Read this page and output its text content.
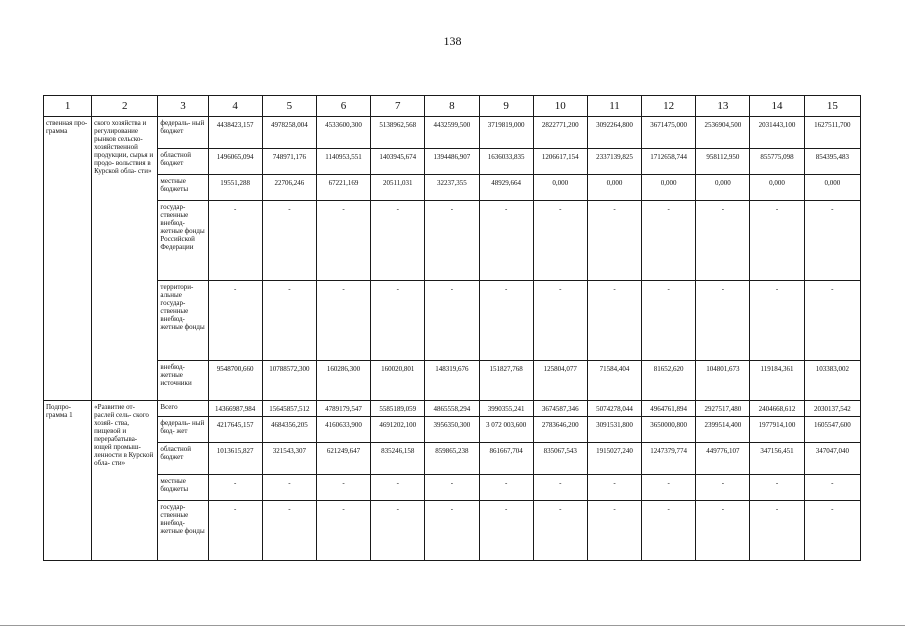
138
1	2	3	4	5	6	7	8	9	10	11	12	13	14	15
ственная про- грамма	ского хозяйства и регулирование рынков сельско- хозяйственной продукции, сырья и продо- вольствия в Курской обла- сти»	федераль- ный бюджет	4438423,157	4978258,004	4533600,300	5138962,568	4432599,500	3719819,000	2822771,200	3092264,800	3671475,000	2536904,500	2031443,100	1627511,700
		областной бюджет	1496065,094	748971,176	1140953,551	1403945,674	1394486,907	1636033,835	1206617,154	2337139,825	1712658,744	958112,950	855775,098	854395,483
		местные бюджеты	19551,288	22706,246	67221,169	20511,031	32237,355	48929,664	0,000	0,000	0,000	0,000	0,000	0,000
		государ- ственные внебюд- жетные фонды Российской Федерации	-	-	-	-	-	-	-	-	-	-	-	-
		территори- альные государ- ственные внебюд- жетные фонды	-	-	-	-	-	-	-	-	-	-	-	-
		внебюд- жетные источники	9548700,660	10788572,300	160286,300	160020,801	148319,676	151827,768	125804,077	71584,404	81652,620	104801,673	119184,361	103383,002
Подпро- грамма 1	«Развитие от- раслей сель- ского хозяй- ства, пищевой и перерабатыва- ющей промыш- ленности в Курской обла- сти»	Всего	14366987,984	15645857,512	4789179,547	5585189,059	4865558,294	3990355,241	3674587,346	5074278,044	4964761,894	2927517,480	2404668,612	2030137,542
		федераль- ный бюд- жет	4217645,157	4684356,205	4160633,900	4691202,100	3956350,300	3 072 003,600	2783646,200	3091531,800	3650000,800	2399514,400	1977914,100	1605547,600
		областной бюджет	1013615,827	321543,307	621249,647	835246,158	859865,238	861667,704	835067,543	1915027,240	1247379,774	449776,107	347156,451	347047,040
		местные бюджеты	-	-	-	-	-	-	-	-	-	-	-	-
		государ- ственные внебюд- жетные фонды	-	-	-	-	-	-	-	-	-	-	-	-
